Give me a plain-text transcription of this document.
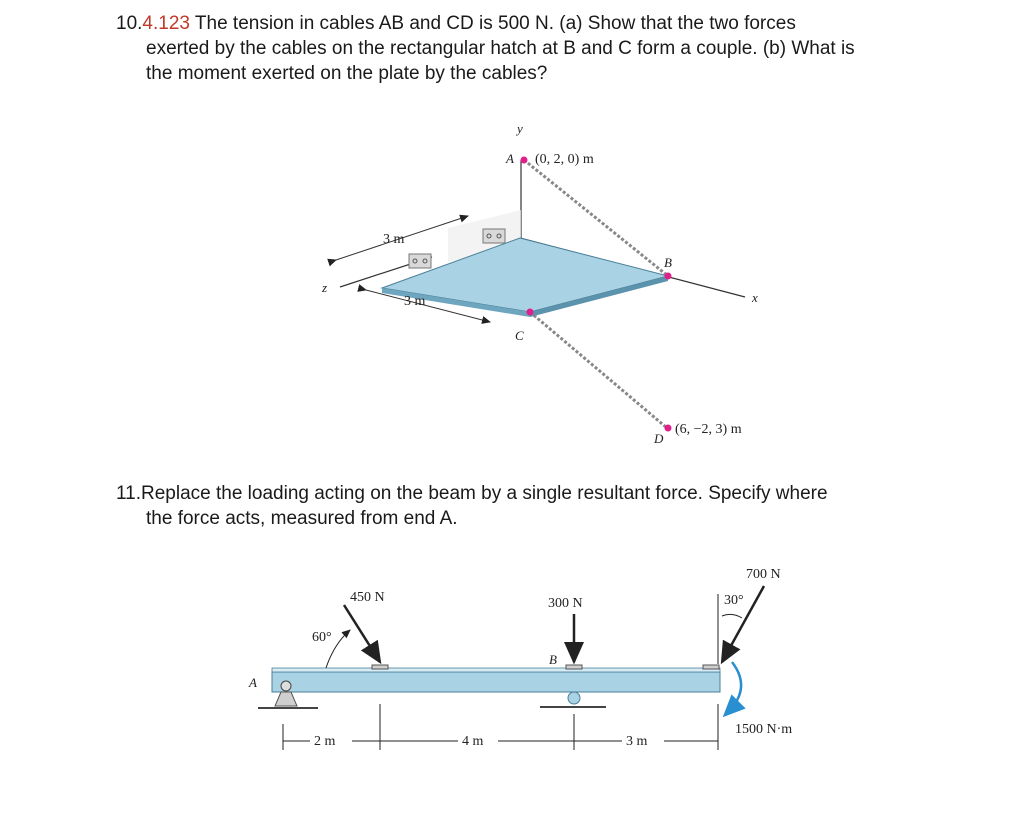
10.4.123 The tension in cables AB and CD is 500 N. (a) Show that the two forces
exerted by the cables on the rectangular hatch at B and C form a couple. (b) What is
the moment exerted on the plate by the cables?
11.Replace the loading acting on the beam by a single resultant force. Specify where
the force acts, measured from end A.
y
x
z
A
B
C
D
(0, 2, 0) m
(6, −2, 3) m
3 m
3 m
450 N	300 N
700 N
60°
30°
1500 N·m
A
B
2 m	4 m	3 m
